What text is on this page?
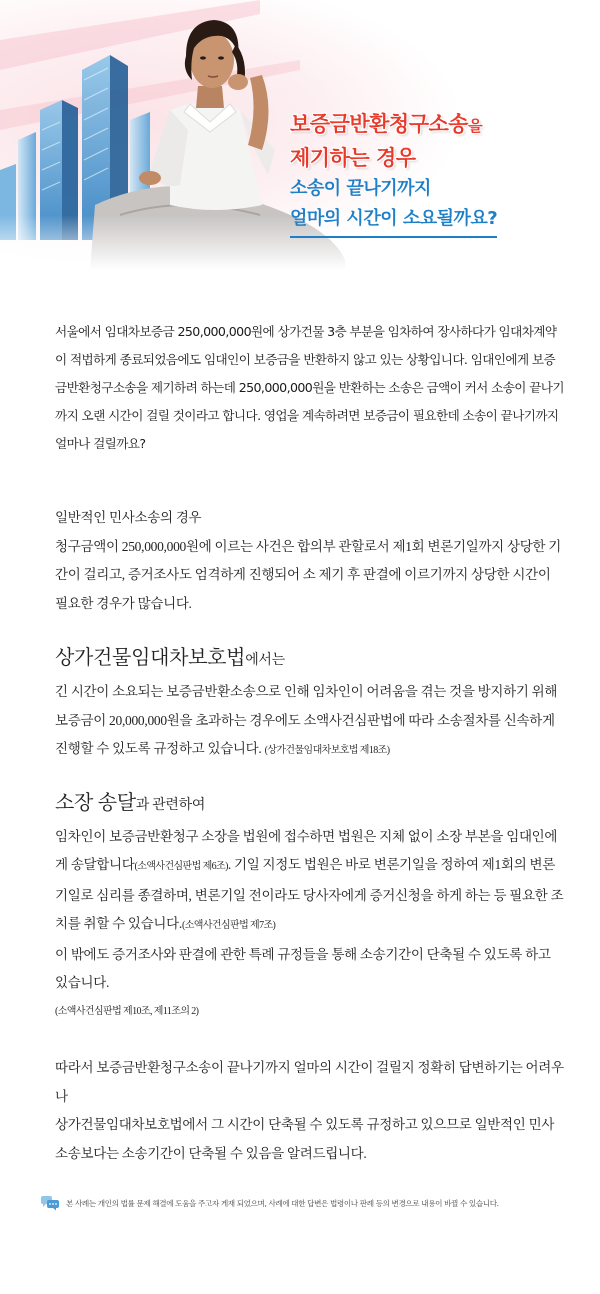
보증금반환청구소송을
제기하는 경우
소송이 끝나기까지
얼마의 시간이 소요될까요?
서울에서 임대차보증금 250,000,000원에 상가건물 3층 부분을 임차하여 장사하다가 임대차계약이 적법하게 종료되었음에도 임대인이 보증금을 반환하지 않고 있는 상황입니다. 임대인에게 보증금반환청구소송을 제기하려 하는데 250,000,000원을 반환하는 소송은 금액이 커서 소송이 끝나기까지 오랜 시간이 걸릴 것이라고 합니다. 영업을 계속하려면 보증금이 필요한데 소송이 끝나기까지 얼마나 걸릴까요?

일반적인 민사소송의 경우

청구금액이 250,000,000원에 이르는 사건은 합의부 관할로서 제1회 변론기일까지 상당한 기간이 걸리고, 증거조사도 엄격하게 진행되어 소 제기 후 판결에 이르기까지 상당한 시간이 필요한 경우가 많습니다.

상가건물임대차보호법에서는

긴 시간이 소요되는 보증금반환소송으로 인해 임차인이 어려움을 겪는 것을 방지하기 위해 보증금이 20,000,000원을 초과하는 경우에도 소액사건심판법에 따라 소송절차를 신속하게 진행할 수 있도록 규정하고 있습니다. (상가건물임대차보호법 제18조)

소장 송달과 관련하여

임차인이 보증금반환청구 소장을 법원에 접수하면 법원은 지체 없이 소장 부본을 임대인에게 송달합니다(소액사건심판법 제6조). 기일 지정도 법원은 바로 변론기일을 정하여 제1회의 변론기일로 심리를 종결하며, 변론기일 전이라도 당사자에게 증거신청을 하게 하는 등 필요한 조치를 취할 수 있습니다.(소액사건심판법 제7조)

이 밖에도 증거조사와 판결에 관한 특례 규정들을 통해 소송기간이 단축될 수 있도록 하고 있습니다.

(소액사건심판법 제10조, 제11조의 2)

따라서 보증금반환청구소송이 끝나기까지 얼마의 시간이 걸릴지 정확히 답변하기는 어려우나

상가건물임대차보호법에서 그 시간이 단축될 수 있도록 규정하고 있으므로 일반적인 민사소송보다는 소송기간이 단축될 수 있음을 알려드립니다.

본 사례는 개인의 법률 문제 해결에 도움을 주고자 게재 되었으며, 사례에 대한 답변은 법령이나 판례 등의 변경으로 내용이 바뀔 수 있습니다.
